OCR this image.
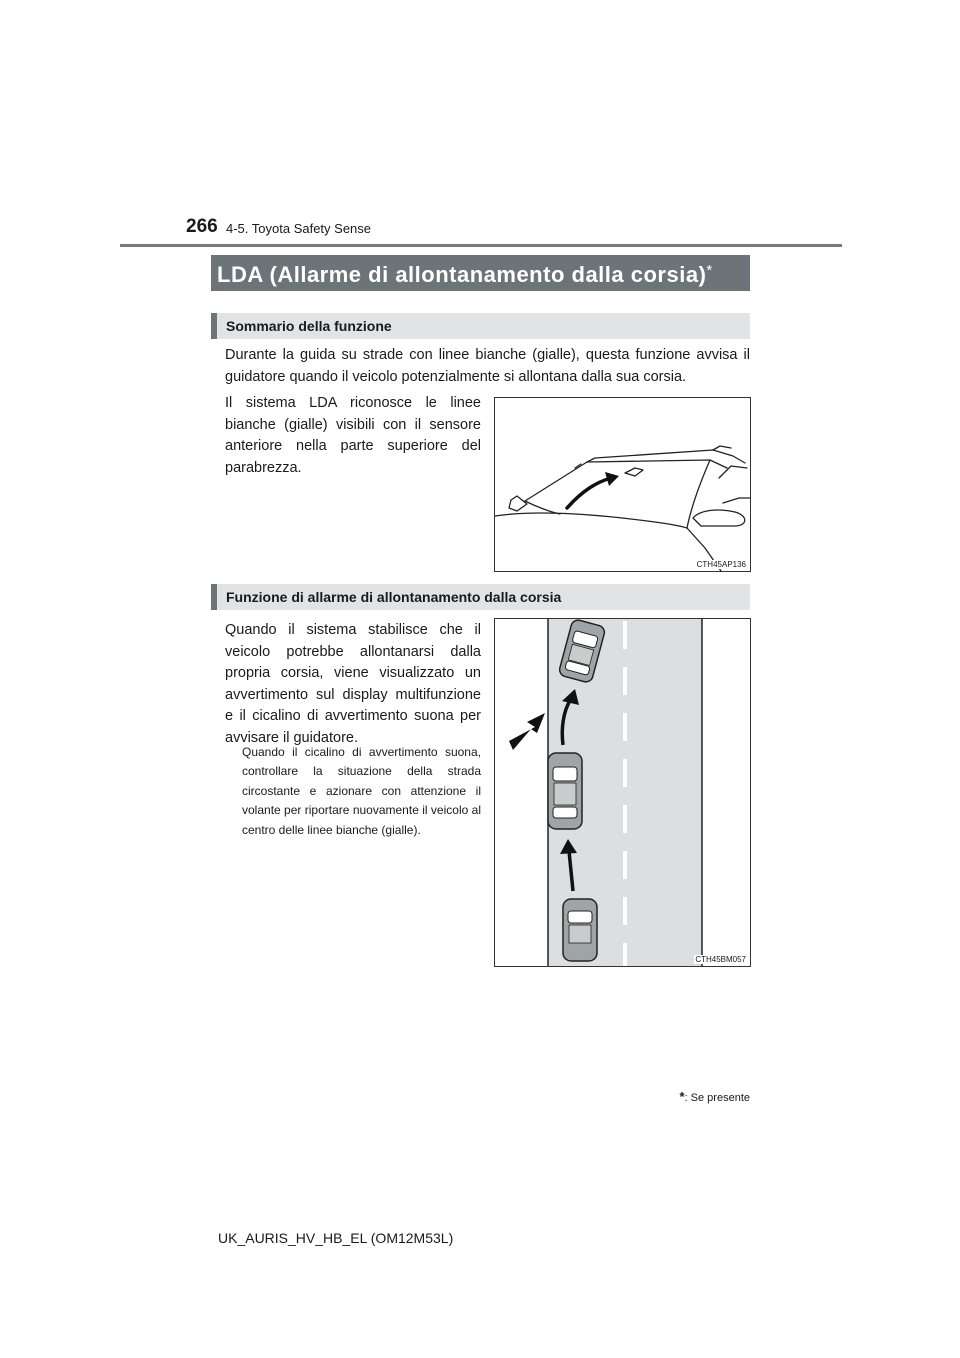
266 4-5. Toyota Safety Sense
LDA (Allarme di allontanamento dalla corsia)*
Sommario della funzione
Durante la guida su strade con linee bianche (gialle), questa funzione avvisa il guidatore quando il veicolo potenzialmente si allontana dalla sua corsia.
Il sistema LDA riconosce le linee bianche (gialle) visibili con il sensore anteriore nella parte superiore del parabrezza.
CTH45AP136
Funzione di allarme di allontanamento dalla corsia
Quando il sistema stabilisce che il veicolo potrebbe allontanarsi dalla propria corsia, viene visualizzato un avvertimento sul display multifunzione e il cicalino di avvertimento suona per avvisare il guidatore.
Quando il cicalino di avvertimento suona, controllare la situazione della strada circostante e azionare con attenzione il volante per riportare nuovamente il veicolo al centro delle linee bianche (gialle).
CTH45BM057
*: Se presente
UK_AURIS_HV_HB_EL (OM12M53L)
